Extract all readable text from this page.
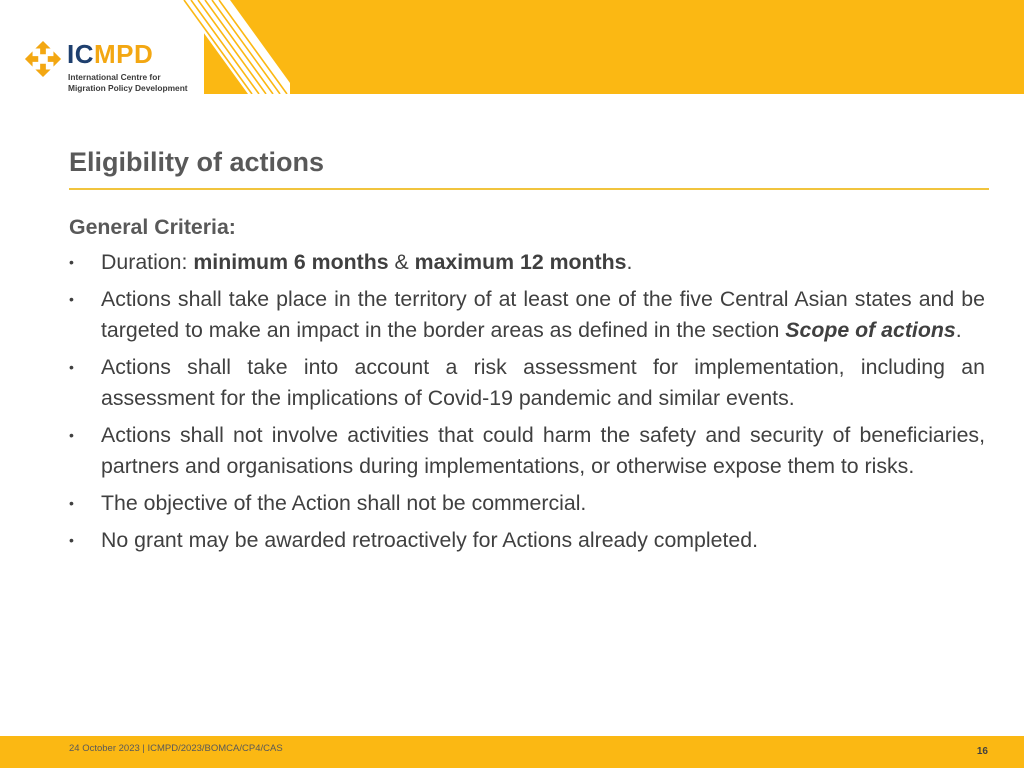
ICMPD
International Centre for
Migration Policy Development
Eligibility of actions
General Criteria:
• Duration: minimum 6 months & maximum 12 months.
• Actions shall take place in the territory of at least one of the five Central Asian states and be targeted to make an impact in the border areas as defined in the section Scope of actions.
• Actions shall take into account a risk assessment for implementation, including an assessment for the implications of Covid-19 pandemic and similar events.
• Actions shall not involve activities that could harm the safety and security of beneficiaries, partners and organisations during implementations, or otherwise expose them to risks.
• The objective of the Action shall not be commercial.
• No grant may be awarded retroactively for Actions already completed.
24 October 2023 | ICMPD/2023/BOMCA/CP4/CAS	16
